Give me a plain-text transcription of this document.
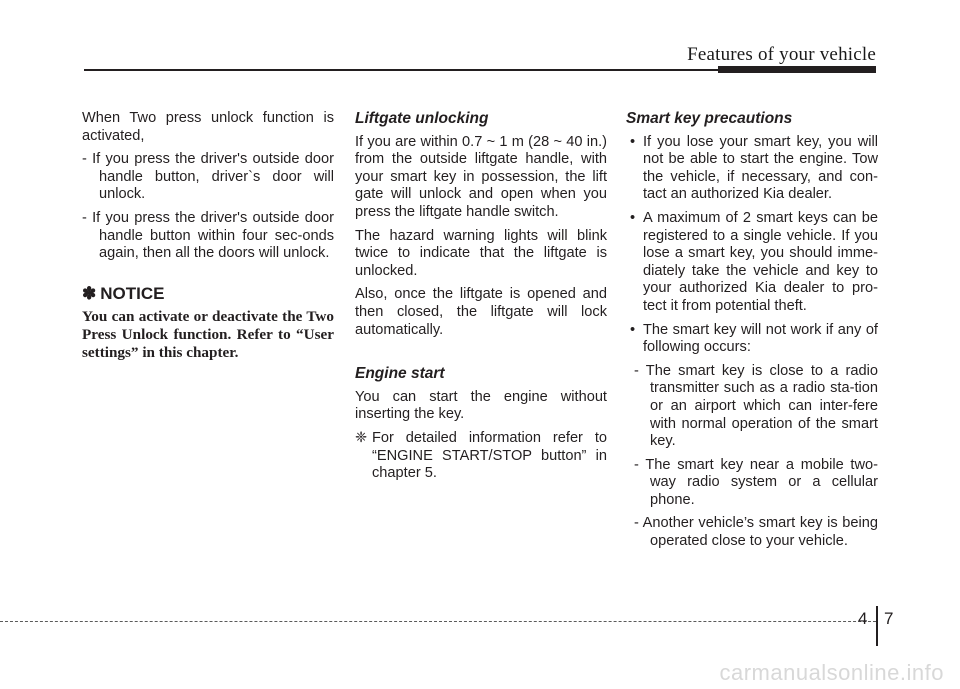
Features of your vehicle

When Two press unlock function is activated,

- If you press the driver's outside door handle button, driver`s door will unlock.

- If you press the driver's outside door handle button within four sec-onds again, then all the doors will unlock.

✽ NOTICE

You can activate or deactivate the Two Press Unlock function. Refer to “User settings” in this chapter.

Liftgate unlocking

If you are within 0.7 ~ 1 m (28 ~ 40 in.) from the outside liftgate handle, with your smart key in possession, the lift gate will unlock and open when you press the liftgate handle switch.

The hazard warning lights will blink twice to indicate that the liftgate is unlocked.

Also, once the liftgate is opened and then closed, the liftgate will lock automatically.

Engine start

You can start the engine without inserting the key.

❈ For detailed information refer to “ENGINE START/STOP button” in chapter 5.

Smart key precautions

• If you lose your smart key, you will not be able to start the engine. Tow the vehicle, if necessary, and con-tact an authorized Kia dealer.

• A maximum of 2 smart keys can be registered to a single vehicle. If you lose a smart key, you should imme-diately take the vehicle and key to your authorized Kia dealer to pro-tect it from potential theft.

• The smart key will not work if any of following occurs:

- The smart key is close to a radio transmitter such as a radio sta-tion or an airport which can inter-fere with normal operation of the smart key.

- The smart key near a mobile two-way radio system or a cellular phone.

- Another vehicle’s smart key is being operated close to your vehicle.

4 7
carmanualsonline.info
